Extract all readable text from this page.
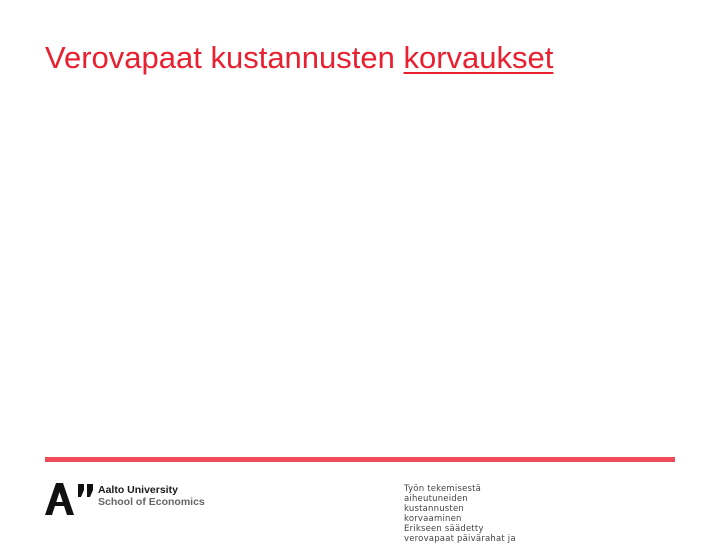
Verovapaat kustannusten korvaukset
Aalto University
School of Economics
Työn tekemisestä
aiheutuneiden
kustannusten
korvaaminen
Erikseen säädetty
verovapaat päivärahat ja
